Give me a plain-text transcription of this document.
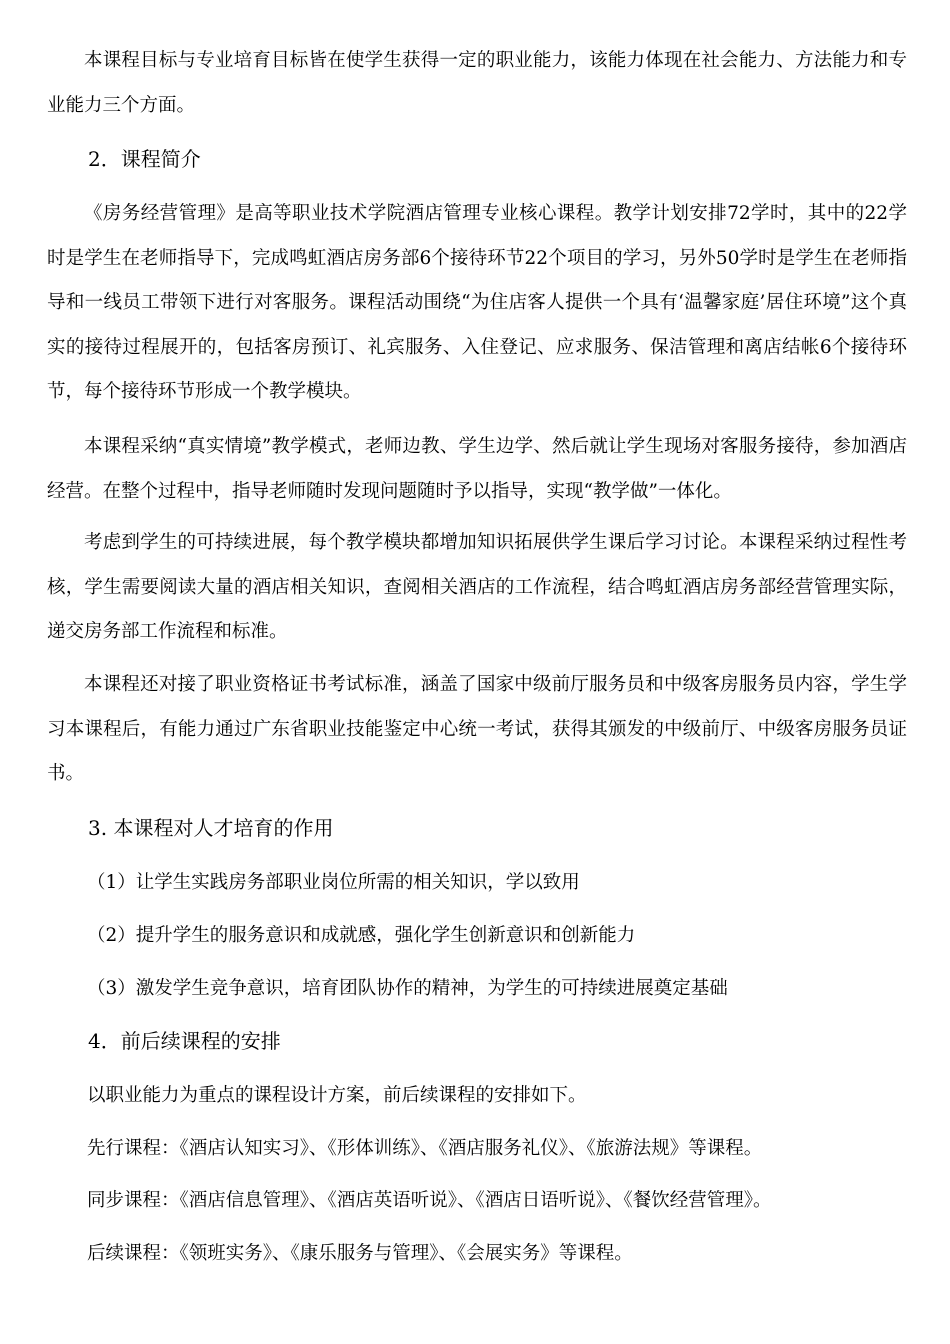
本课程目标与专业培育目标皆在使学生获得一定的职业能力，该能力体现在社会能力、方法能力和专业能力三个方面。

2．课程简介

《房务经营管理》是高等职业技术学院酒店管理专业核心课程。教学计划安排72学时，其中的22学时是学生在老师指导下，完成鸣虹酒店房务部6个接待环节22个项目的学习，另外50学时是学生在老师指导和一线员工带领下进行对客服务。课程活动围绕“为住店客人提供一个具有‘温馨家庭’居住环境”这个真实的接待过程展开的，包括客房预订、礼宾服务、入住登记、应求服务、保洁管理和离店结帐6个接待环节，每个接待环节形成一个教学模块。

本课程采纳“真实情境”教学模式，老师边教、学生边学、然后就让学生现场对客服务接待，参加酒店经营。在整个过程中，指导老师随时发现问题随时予以指导，实现“教学做”一体化。

考虑到学生的可持续进展，每个教学模块都增加知识拓展供学生课后学习讨论。本课程采纳过程性考核，学生需要阅读大量的酒店相关知识，查阅相关酒店的工作流程，结合鸣虹酒店房务部经营管理实际，递交房务部工作流程和标准。

本课程还对接了职业资格证书考试标准，涵盖了国家中级前厅服务员和中级客房服务员内容，学生学习本课程后，有能力通过广东省职业技能鉴定中心统一考试，获得其颁发的中级前厅、中级客房服务员证书。

3. 本课程对人才培育的作用

（1）让学生实践房务部职业岗位所需的相关知识，学以致用

（2）提升学生的服务意识和成就感，强化学生创新意识和创新能力

（3）激发学生竞争意识，培育团队协作的精神，为学生的可持续进展奠定基础

4．前后续课程的安排

以职业能力为重点的课程设计方案，前后续课程的安排如下。

先行课程：《酒店认知实习》、《形体训练》、《酒店服务礼仪》、《旅游法规》等课程。

同步课程：《酒店信息管理》、《酒店英语听说》、《酒店日语听说》、《餐饮经营管理》。

后续课程：《领班实务》、《康乐服务与管理》、《会展实务》等课程。
